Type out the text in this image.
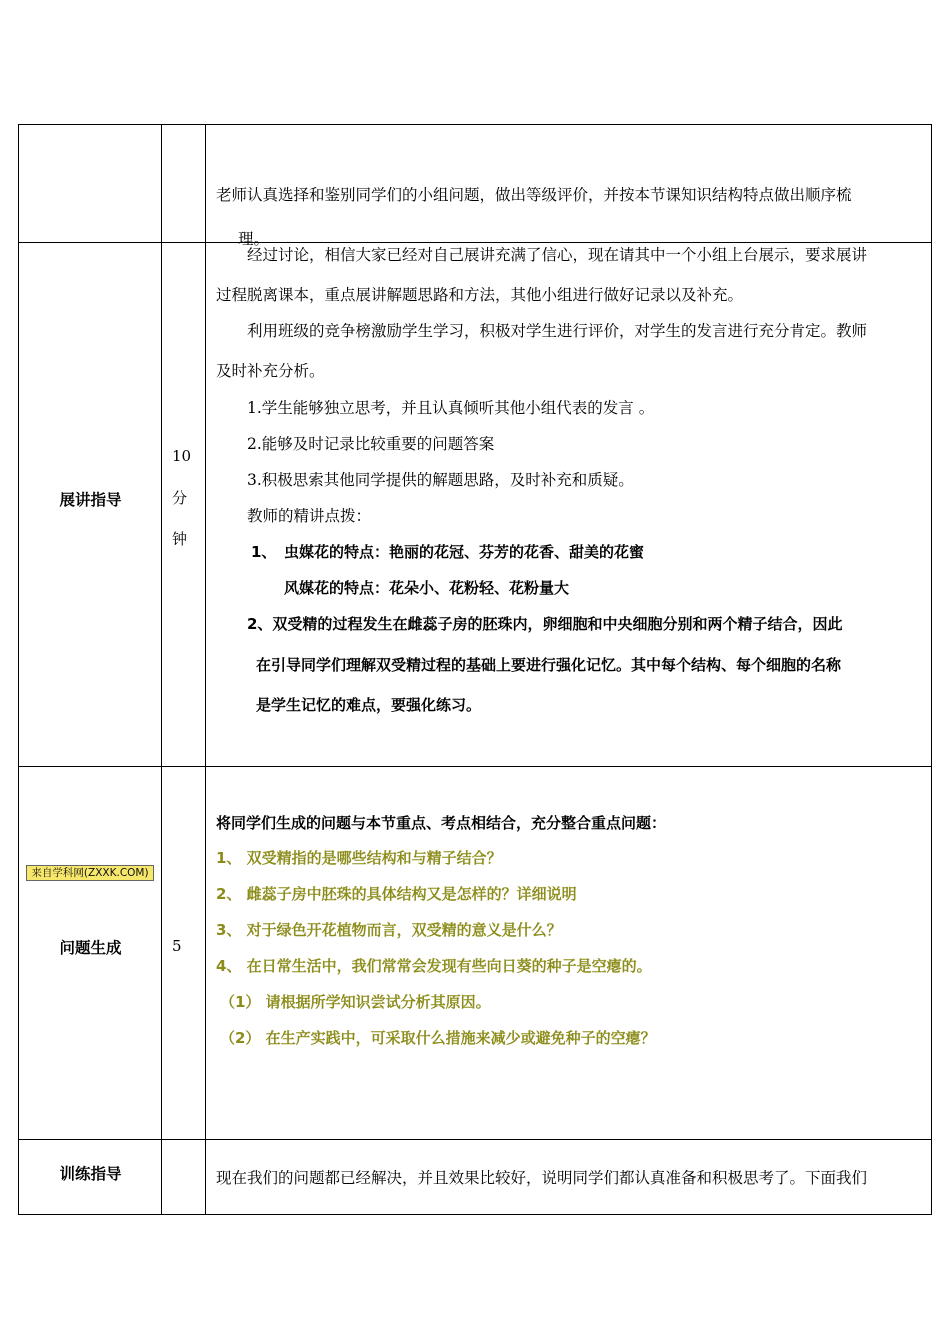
老师认真选择和鉴别同学们的小组问题，做出等级评价，并按本节课知识结构特点做出顺序梳
理。
展讲指导
10
分
钟
经过讨论，相信大家已经对自己展讲充满了信心，现在请其中一个小组上台展示，要求展讲
过程脱离课本，重点展讲解题思路和方法，其他小组进行做好记录以及补充。
利用班级的竞争榜激励学生学习，积极对学生进行评价，对学生的发言进行充分肯定。教师
及时补充分析。
1.学生能够独立思考，并且认真倾听其他小组代表的发言 。
2.能够及时记录比较重要的问题答案
3.积极思索其他同学提供的解题思路，及时补充和质疑。
教师的精讲点拨：
1、 虫媒花的特点：艳丽的花冠、芬芳的花香、甜美的花蜜
风媒花的特点：花朵小、花粉轻、花粉量大
2、双受精的过程发生在雌蕊子房的胚珠内，卵细胞和中央细胞分别和两个精子结合，因此
在引导同学们理解双受精过程的基础上要进行强化记忆。其中每个结构、每个细胞的名称
是学生记忆的难点，要强化练习。
来自学科网(ZXXK.COM)
问题生成	5
将同学们生成的问题与本节重点、考点相结合，充分整合重点问题：
1、 双受精指的是哪些结构和与精子结合？
2、 雌蕊子房中胚珠的具体结构又是怎样的？详细说明
3、 对于绿色开花植物而言，双受精的意义是什么？
4、 在日常生活中，我们常常会发现有些向日葵的种子是空瘪的。
（1） 请根据所学知识尝试分析其原因。
（2） 在生产实践中，可采取什么措施来减少或避免种子的空瘪？
训练指导	现在我们的问题都已经解决，并且效果比较好，说明同学们都认真准备和积极思考了。下面我们
